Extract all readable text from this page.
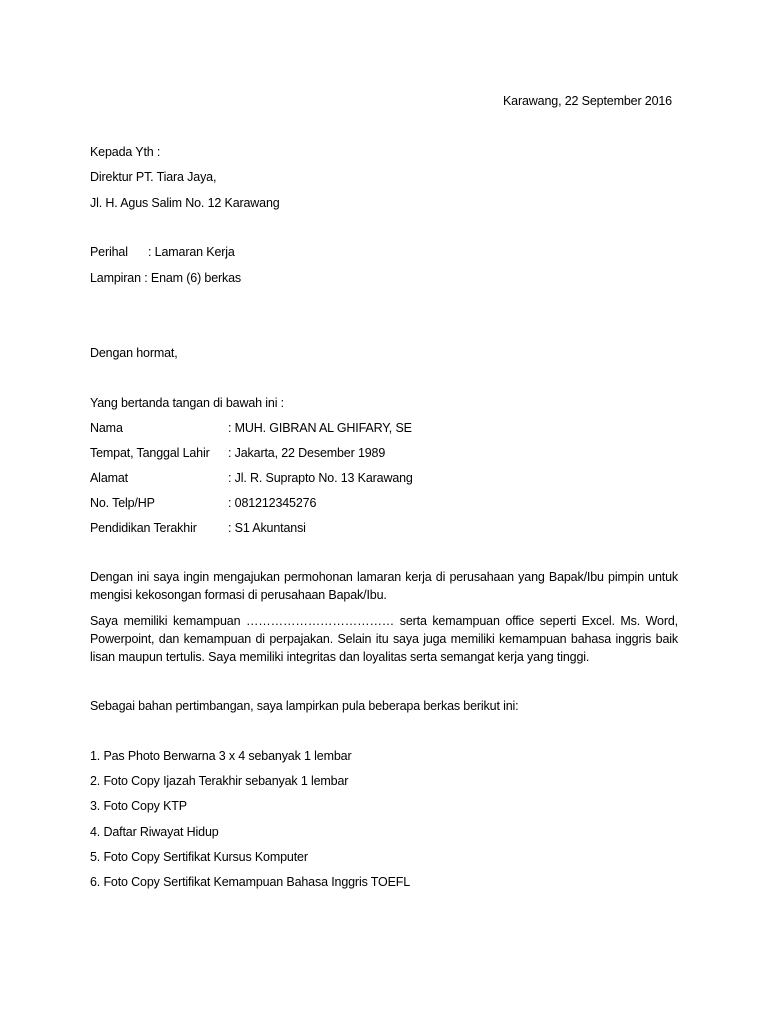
Karawang, 22 September 2016
Kepada Yth :
Direktur PT. Tiara Jaya,
Jl. H. Agus Salim No. 12 Karawang
Perihal : Lamaran Kerja
Lampiran : Enam (6) berkas
Dengan hormat,
Yang bertanda tangan di bawah ini :
Nama	: MUH. GIBRAN AL GHIFARY, SE
Tempat, Tanggal Lahir : Jakarta, 22 Desember 1989
Alamat	: Jl. R. Suprapto No. 13 Karawang
No. Telp/HP	: 081212345276
Pendidikan Terakhir	: S1 Akuntansi
Dengan ini saya ingin mengajukan permohonan lamaran kerja di perusahaan yang Bapak/Ibu pimpin untuk mengisi kekosongan formasi di perusahaan Bapak/Ibu.
Saya memiliki kemampuan ……………………………… serta kemampuan office seperti Excel. Ms. Word, Powerpoint, dan kemampuan di perpajakan. Selain itu saya juga memiliki kemampuan bahasa inggris baik lisan maupun tertulis. Saya memiliki integritas dan loyalitas serta semangat kerja yang tinggi.
Sebagai bahan pertimbangan, saya lampirkan pula beberapa berkas berikut ini:
1. Pas Photo Berwarna 3 x 4 sebanyak 1 lembar
2. Foto Copy Ijazah Terakhir sebanyak 1 lembar
3. Foto Copy KTP
4. Daftar Riwayat Hidup
5. Foto Copy Sertifikat Kursus Komputer
6. Foto Copy Sertifikat Kemampuan Bahasa Inggris TOEFL
